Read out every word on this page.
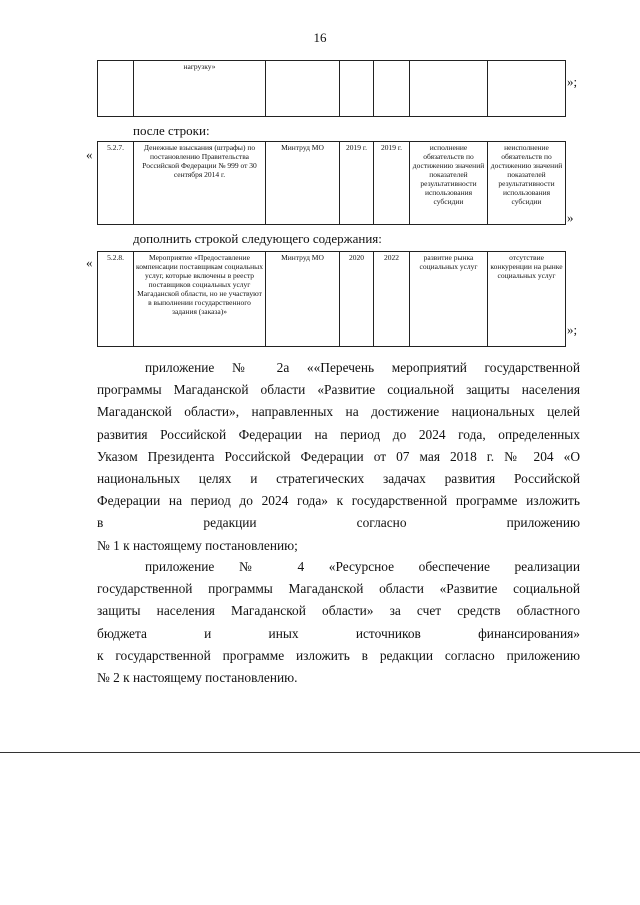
16
	нагрузку»					
»;
после строки:
« 5.2.7.	Денежные взыскания (штрафы) по постановлению Правительства Российской Федерации № 999 от 30 сентября 2014 г.	Минтруд МО	2019 г.	2019 г.	исполнение обязательств по достижению значений показателей результативности использования субсидии	неисполнение обязательств по достижению значений показателей результативности использования субсидии
»
дополнить строкой следующего содержания:
« 5.2.8.	Мероприятие «Предоставление компенсации поставщикам социальных услуг, которые включены в реестр поставщиков социальных услуг Магаданской области, но не участвуют в выполнении государственного задания (заказа)»	Минтруд МО	2020	2022	развитие рынка социальных услуг	отсутствие конкуренции на рынке социальных услуг
»;
приложение № 2а ««Перечень мероприятий государственной
программы Магаданской области «Развитие социальной защиты населения
Магаданской области», направленных на достижение национальных целей
развития Российской Федерации на период до 2024 года, определенных
Указом Президента Российской Федерации от 07 мая 2018 г. № 204 «О
национальных целях и стратегических задачах развития Российской
Федерации на период до 2024 года» к государственной программе изложить
в редакции согласно приложению
№ 1 к настоящему постановлению;
приложение № 4 «Ресурсное обеспечение реализации
государственной программы Магаданской области «Развитие социальной
защиты населения Магаданской области» за счет средств областного
бюджета и иных источников финансирования»
к государственной программе изложить в редакции согласно приложению
№ 2 к настоящему постановлению.
